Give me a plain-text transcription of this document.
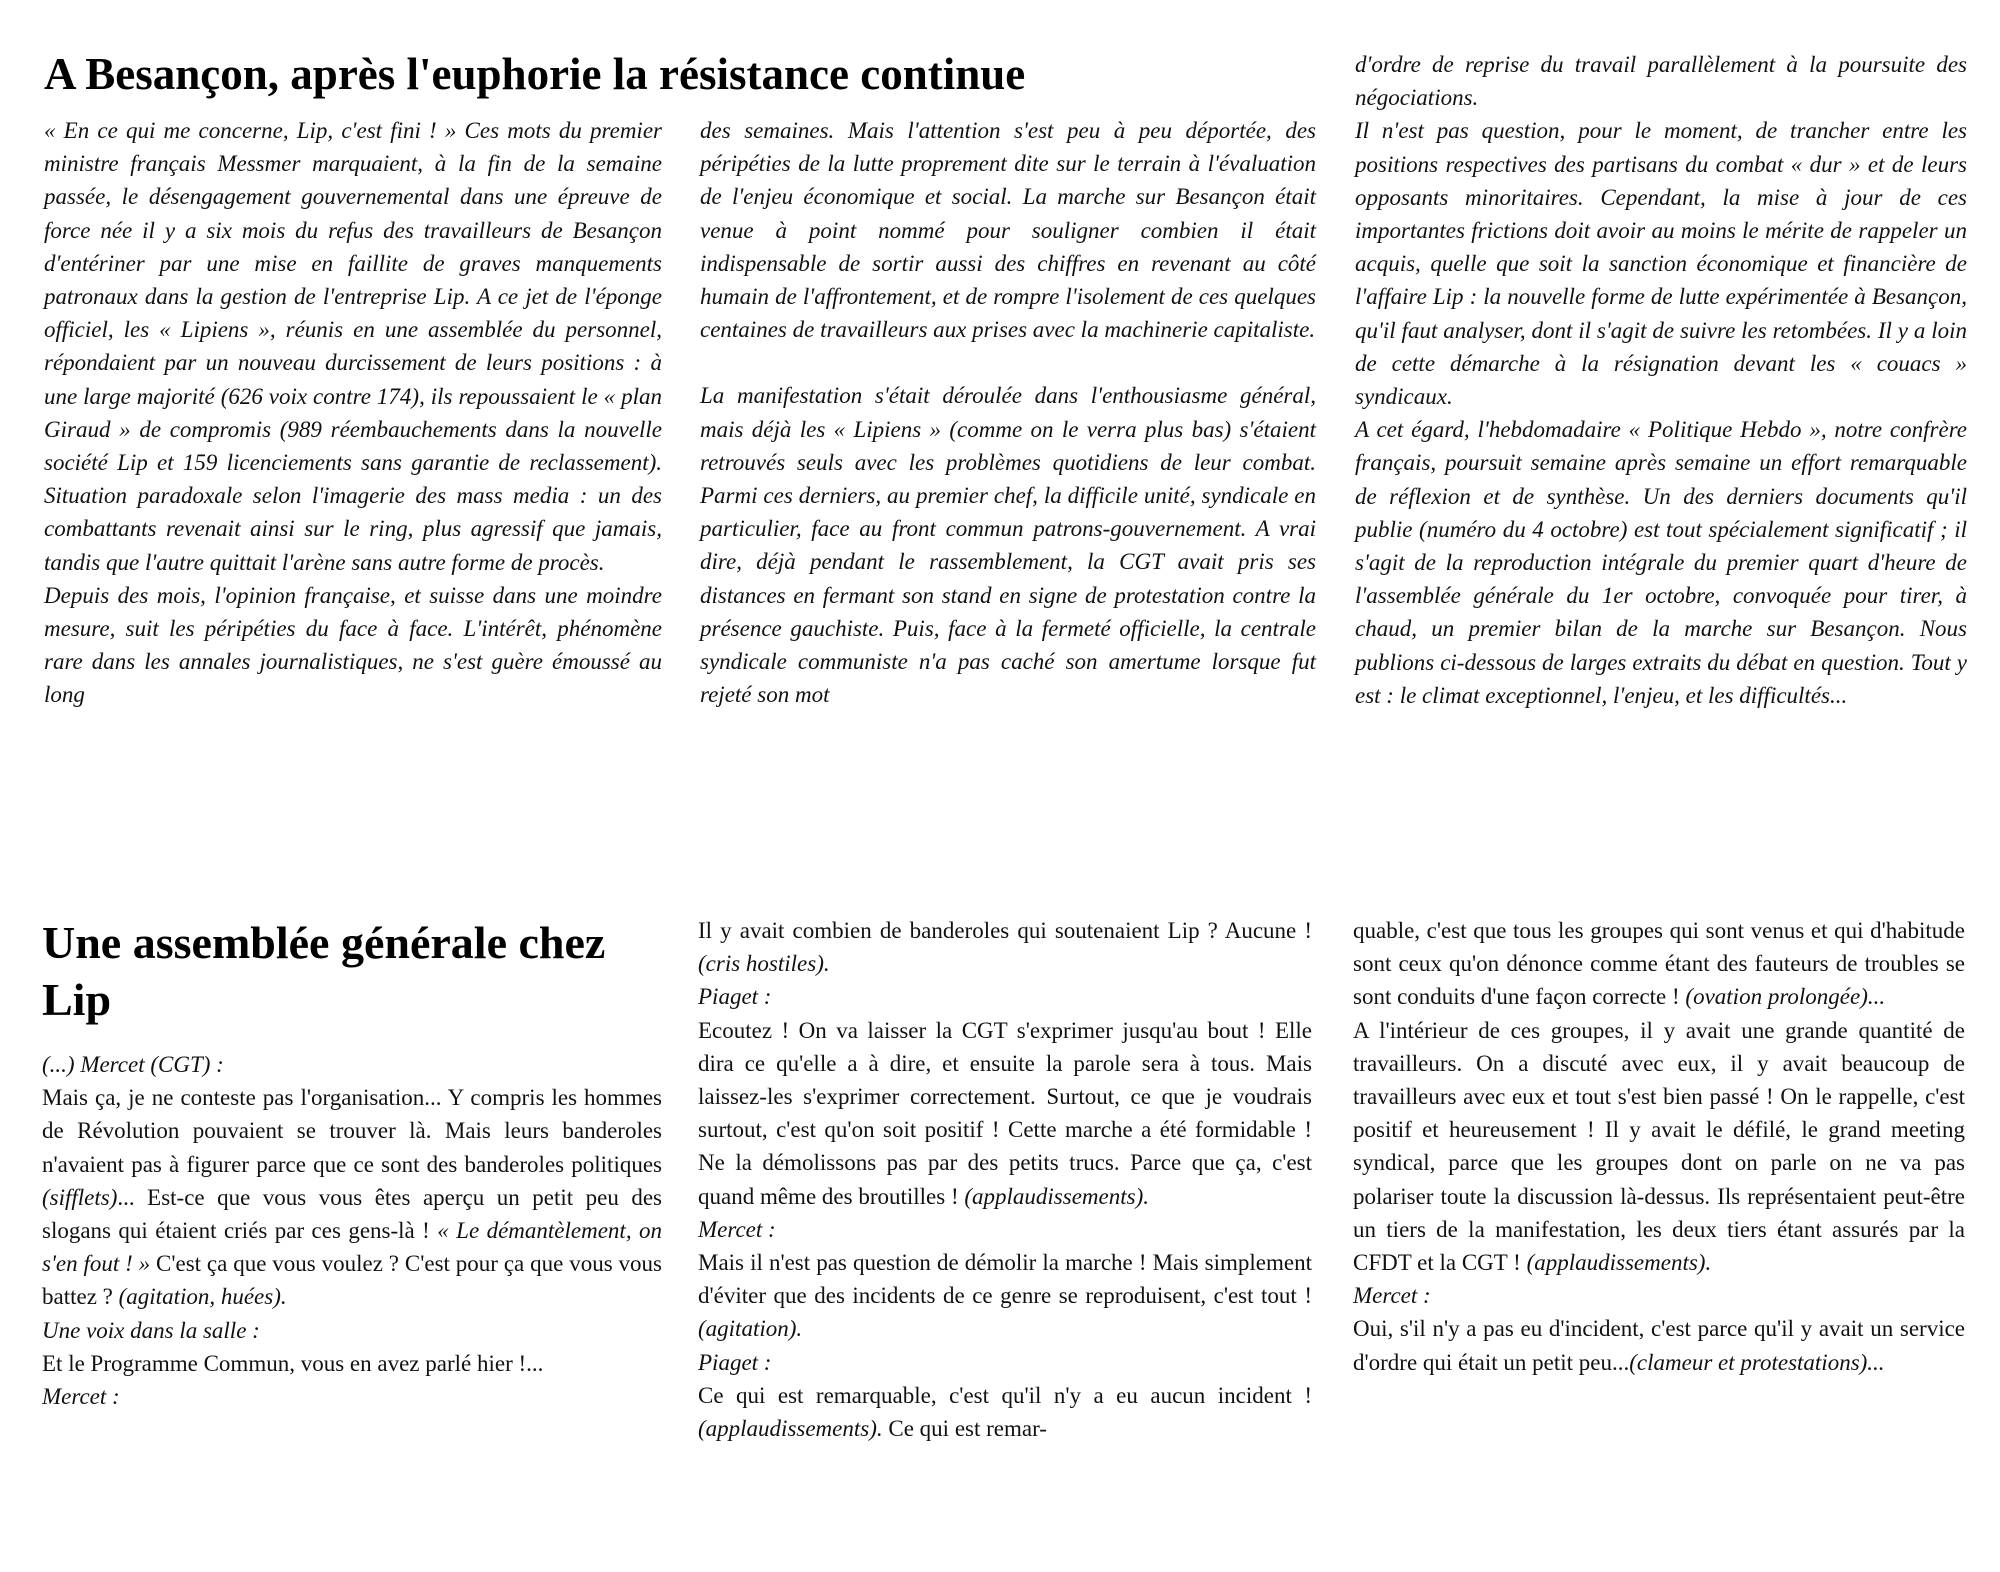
A Besançon, après l'euphorie la résistance continue

« En ce qui me concerne, Lip, c'est fini ! » Ces mots du premier ministre français Messmer marquaient, à la fin de la semaine passée, le désengagement gouvernemental dans une épreuve de force née il y a six mois du refus des travailleurs de Besançon d'entériner par une mise en faillite de graves manquements patronaux dans la gestion de l'entreprise Lip. A ce jet de l'éponge officiel, les « Lipiens », réunis en une assemblée du personnel, répondaient par un nouveau durcissement de leurs positions : à une large majorité (626 voix contre 174), ils repoussaient le « plan Giraud » de compromis (989 réembauchements dans la nouvelle société Lip et 159 licenciements sans garantie de reclassement). Situation paradoxale selon l'imagerie des mass media : un des combattants revenait ainsi sur le ring, plus agressif que jamais, tandis que l'autre quittait l'arène sans autre forme de procès.

Depuis des mois, l'opinion française, et suisse dans une moindre mesure, suit les péripéties du face à face. L'intérêt, phénomène rare dans les annales journalistiques, ne s'est guère émoussé au long

des semaines. Mais l'attention s'est peu à peu déportée, des péripéties de la lutte proprement dite sur le terrain à l'évaluation de l'enjeu économique et social. La marche sur Besançon était venue à point nommé pour souligner combien il était indispensable de sortir aussi des chiffres en revenant au côté humain de l'affrontement, et de rompre l'isolement de ces quelques centaines de travailleurs aux prises avec la machinerie capitaliste.

La manifestation s'était déroulée dans l'enthousiasme général, mais déjà les « Lipiens » (comme on le verra plus bas) s'étaient retrouvés seuls avec les problèmes quotidiens de leur combat. Parmi ces derniers, au premier chef, la difficile unité, syndicale en particulier, face au front commun patrons-gouvernement. A vrai dire, déjà pendant le rassemblement, la CGT avait pris ses distances en fermant son stand en signe de protestation contre la présence gauchiste. Puis, face à la fermeté officielle, la centrale syndicale communiste n'a pas caché son amertume lorsque fut rejeté son mot

d'ordre de reprise du travail parallèlement à la poursuite des négociations.

Il n'est pas question, pour le moment, de trancher entre les positions respectives des partisans du combat « dur » et de leurs opposants minoritaires. Cependant, la mise à jour de ces importantes frictions doit avoir au moins le mérite de rappeler un acquis, quelle que soit la sanction économique et financière de l'affaire Lip : la nouvelle forme de lutte expérimentée à Besançon, qu'il faut analyser, dont il s'agit de suivre les retombées. Il y a loin de cette démarche à la résignation devant les « couacs » syndicaux.

A cet égard, l'hebdomadaire « Politique Hebdo », notre confrère français, poursuit semaine après semaine un effort remarquable de réflexion et de synthèse. Un des derniers documents qu'il publie (numéro du 4 octobre) est tout spécialement significatif ; il s'agit de la reproduction intégrale du premier quart d'heure de l'assemblée générale du 1er octobre, convoquée pour tirer, à chaud, un premier bilan de la marche sur Besançon. Nous publions ci-dessous de larges extraits du débat en question. Tout y est : le climat exceptionnel, l'enjeu, et les difficultés...

Une assemblée générale chez Lip

(...) Mercet (CGT) :

Mais ça, je ne conteste pas l'organisation... Y compris les hommes de Révolution pouvaient se trouver là. Mais leurs banderoles n'avaient pas à figurer parce que ce sont des banderoles politiques (sifflets)... Est-ce que vous vous êtes aperçu un petit peu des slogans qui étaient criés par ces gens-là ! « Le démantèlement, on s'en fout ! » C'est ça que vous voulez ? C'est pour ça que vous vous battez ? (agitation, huées).

Une voix dans la salle :

Et le Programme Commun, vous en avez parlé hier !...

Mercet :

Il y avait combien de banderoles qui soutenaient Lip ? Aucune ! (cris hostiles).

Piaget :

Ecoutez ! On va laisser la CGT s'exprimer jusqu'au bout ! Elle dira ce qu'elle a à dire, et ensuite la parole sera à tous. Mais laissez-les s'exprimer correctement. Surtout, ce que je voudrais surtout, c'est qu'on soit positif ! Cette marche a été formidable ! Ne la démolissons pas par des petits trucs. Parce que ça, c'est quand même des broutilles ! (applaudissements).

Mercet :

Mais il n'est pas question de démolir la marche ! Mais simplement d'éviter que des incidents de ce genre se reproduisent, c'est tout ! (agitation).

Piaget :

Ce qui est remarquable, c'est qu'il n'y a eu aucun incident ! (applaudissements). Ce qui est remar-

quable, c'est que tous les groupes qui sont venus et qui d'habitude sont ceux qu'on dénonce comme étant des fauteurs de troubles se sont conduits d'une façon correcte ! (ovation prolongée)...

A l'intérieur de ces groupes, il y avait une grande quantité de travailleurs. On a discuté avec eux, il y avait beaucoup de travailleurs avec eux et tout s'est bien passé ! On le rappelle, c'est positif et heureusement ! Il y avait le défilé, le grand meeting syndical, parce que les groupes dont on parle on ne va pas polariser toute la discussion là-dessus. Ils représentaient peut-être un tiers de la manifestation, les deux tiers étant assurés par la CFDT et la CGT ! (applaudissements).

Mercet :

Oui, s'il n'y a pas eu d'incident, c'est parce qu'il y avait un service d'ordre qui était un petit peu...(clameur et protestations)...
